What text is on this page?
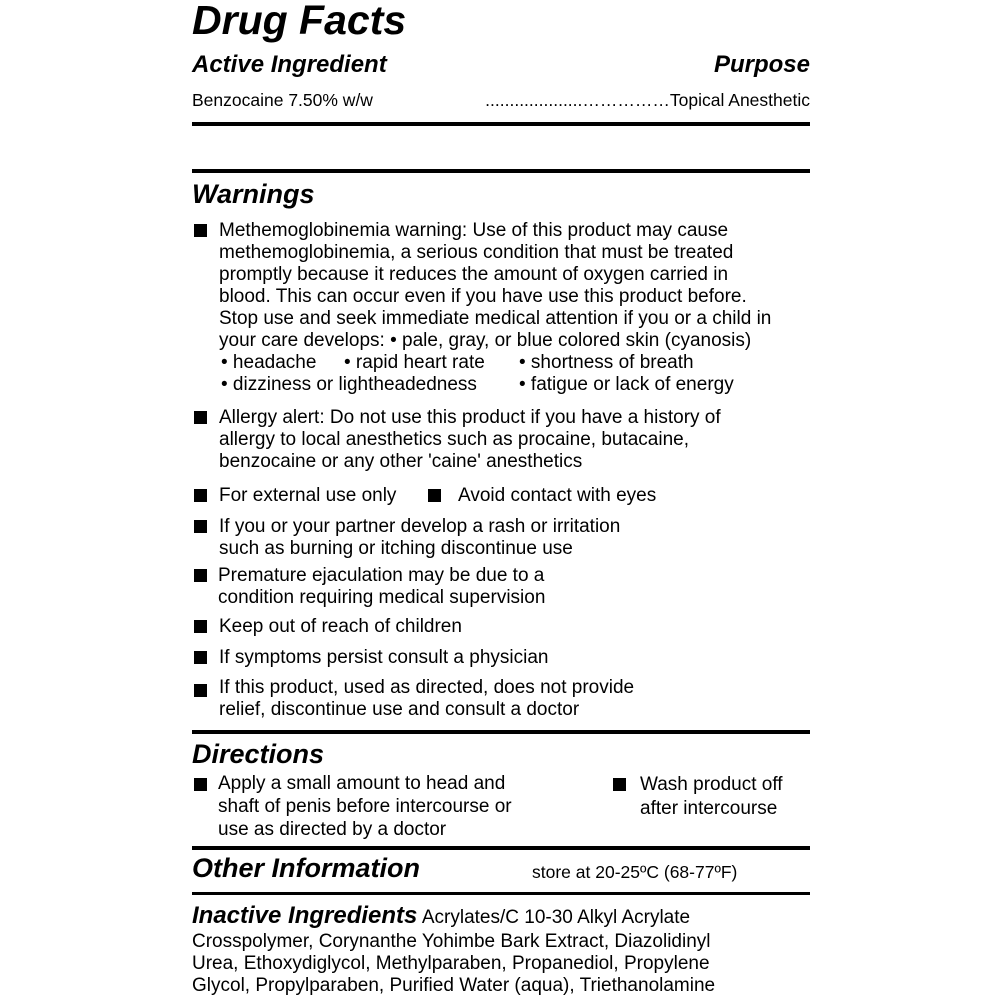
Drug Facts
Active Ingredient	Purpose
Benzocaine 7.50% w/w	....................…………… Topical Anesthetic
Warnings
Methemoglobinemia warning: Use of this product may cause
methemoglobinemia, a serious condition that must be treated
promptly because it reduces the amount of oxygen carried in
blood. This can occur even if you have use this product before.
Stop use and seek immediate medical attention if you or a child in
your care develops: • pale, gray, or blue colored skin (cyanosis)
• headache • rapid heart rate • shortness of breath
• dizziness or lightheadedness • fatigue or lack of energy
Allergy alert: Do not use this product if you have a history of
allergy to local anesthetics such as procaine, butacaine,
benzocaine or any other 'caine' anesthetics
For external use only	Avoid contact with eyes
If you or your partner develop a rash or irritation
such as burning or itching discontinue use
Premature ejaculation may be due to a
condition requiring medical supervision
Keep out of reach of children
If symptoms persist consult a physician
If this product, used as directed, does not provide
relief, discontinue use and consult a doctor
Directions
Apply a small amount to head and
shaft of penis before intercourse or
use as directed by a doctor
Wash product off
after intercourse
Other Information	store at 20-25ºC (68-77ºF)
Inactive Ingredients Acrylates/C 10-30 Alkyl Acrylate
Crosspolymer, Corynanthe Yohimbe Bark Extract, Diazolidinyl
Urea, Ethoxydiglycol, Methylparaben, Propanediol, Propylene
Glycol, Propylparaben, Purified Water (aqua), Triethanolamine
